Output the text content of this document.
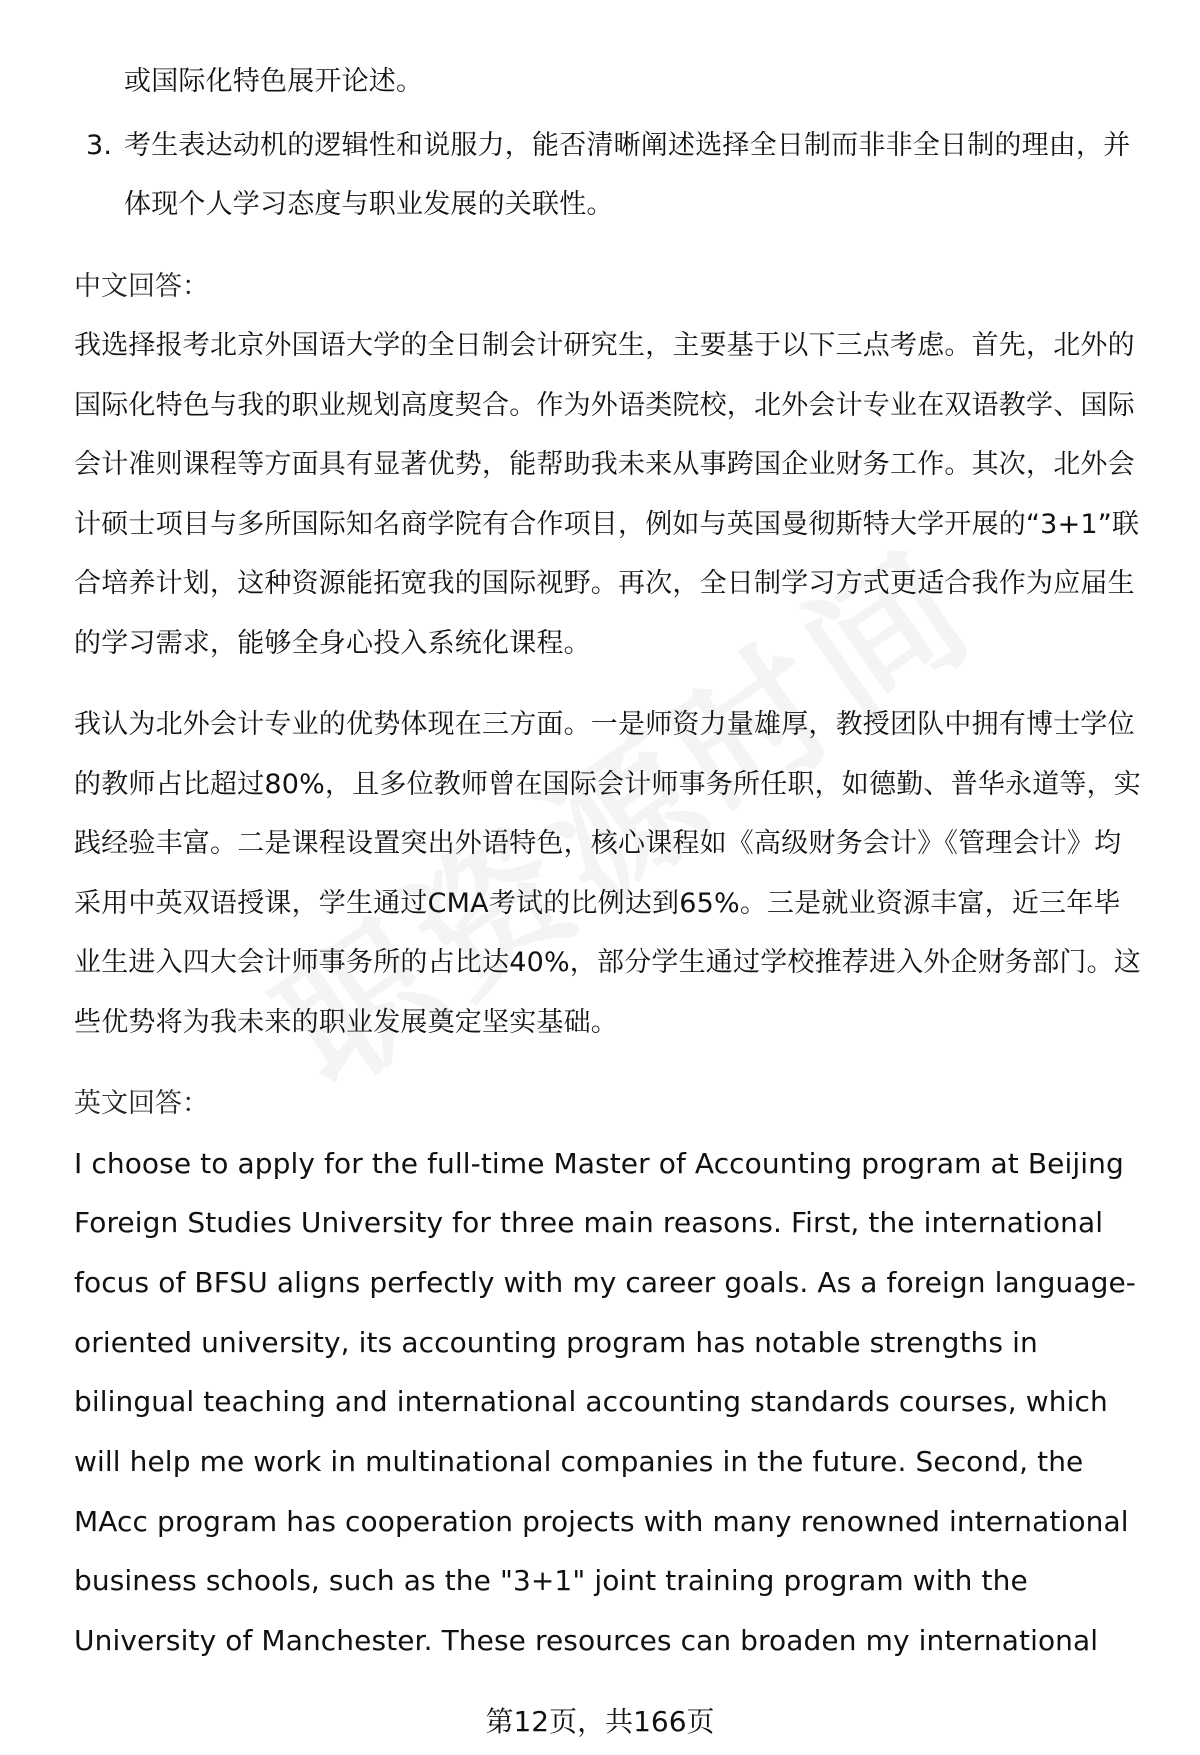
或国际化特色展开论述。

3. 考生表达动机的逻辑性和说服力，能否清晰阐述选择全日制而非非全日制的理由，并体现个人学习态度与职业发展的关联性。

中文回答：

我选择报考北京外国语大学的全日制会计研究生，主要基于以下三点考虑。首先，北外的国际化特色与我的职业规划高度契合。作为外语类院校，北外会计专业在双语教学、国际会计准则课程等方面具有显著优势，能帮助我未来从事跨国企业财务工作。其次，北外会计硕士项目与多所国际知名商学院有合作项目，例如与英国曼彻斯特大学开展的“3+1”联合培养计划，这种资源能拓宽我的国际视野。再次，全日制学习方式更适合我作为应届生的学习需求，能够全身心投入系统化课程。

我认为北外会计专业的优势体现在三方面。一是师资力量雄厚，教授团队中拥有博士学位的教师占比超过80%，且多位教师曾在国际会计师事务所任职，如德勤、普华永道等，实践经验丰富。二是课程设置突出外语特色，核心课程如《高级财务会计》《管理会计》均采用中英双语授课，学生通过CMA考试的比例达到65%。三是就业资源丰富，近三年毕业生进入四大会计师事务所的占比达40%，部分学生通过学校推荐进入外企财务部门。这些优势将为我未来的职业发展奠定坚实基础。

英文回答：

I choose to apply for the full-time Master of Accounting program at Beijing Foreign Studies University for three main reasons. First, the international focus of BFSU aligns perfectly with my career goals. As a foreign language-oriented university, its accounting program has notable strengths in bilingual teaching and international accounting standards courses, which will help me work in multinational companies in the future. Second, the MAcc program has cooperation projects with many renowned international business schools, such as the "3+1" joint training program with the University of Manchester. These resources can broaden my international

第12页，共166页
